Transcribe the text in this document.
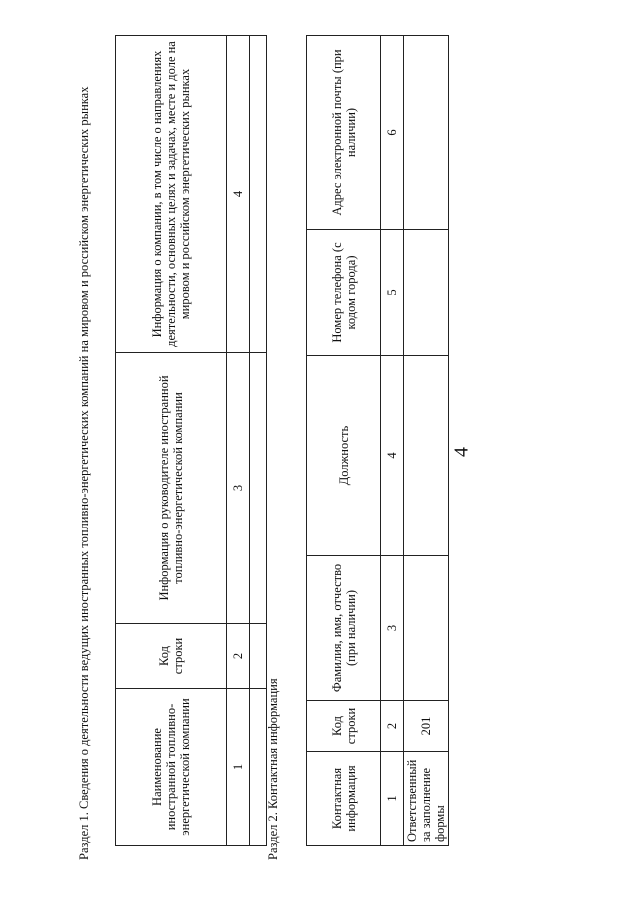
4
Раздел 1. Сведения о деятельности ведущих иностранных топливно-энергетических компаний на мировом и российском энергетических рынках	Наименование иностранной топливно-энергетической компании	Код строки	Информация о руководителе иностранной топливно-энергетической компании	Информация о компании, в том числе о направлениях деятельности, основных целях и задачах, месте и доле на мировом и российском энергетических рынках
1	2	3	4

Раздел 2. Контактная информация	Контактная информация	Код строки	Фамилия, имя, отчество (при наличии)	Должность	Номер телефона (с кодом города)	Адрес электронной почты (при наличии)
1	2	3	4	5	6
Ответственный за заполнение формы	201				
